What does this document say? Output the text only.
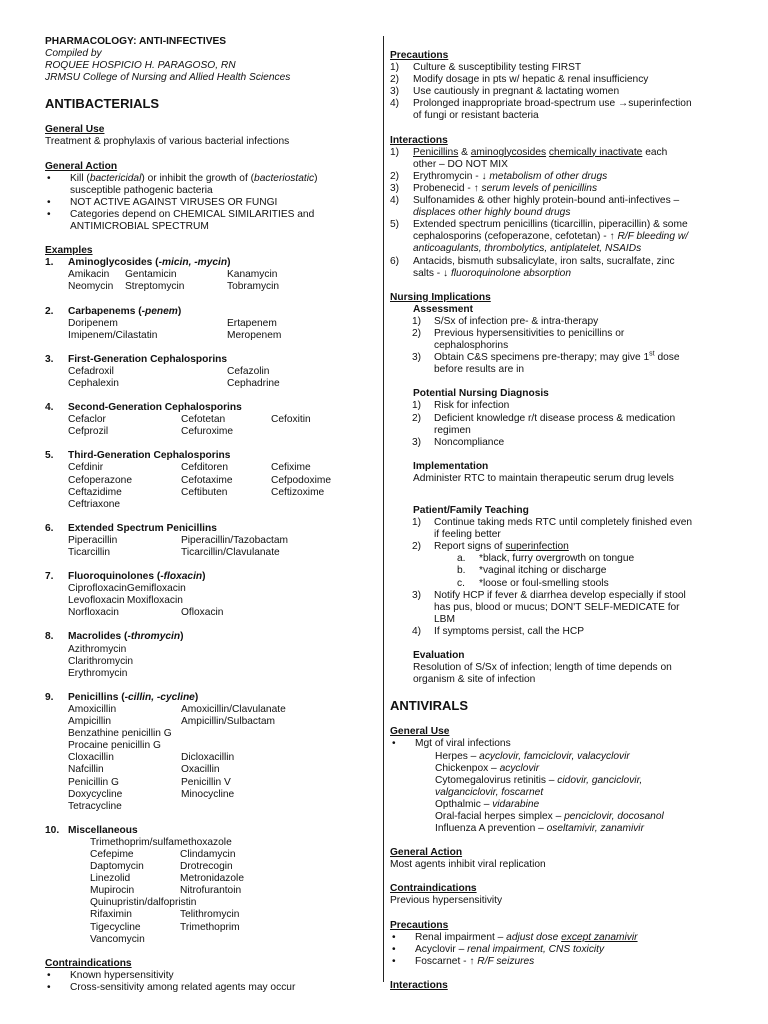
PHARMACOLOGY: ANTI-INFECTIVES
Compiled by
ROQUEE HOSPICIO H. PARAGOSO, RN
JRMSU College of Nursing and Allied Health Sciences
ANTIBACTERIALS
General Use
Treatment & prophylaxis of various bacterial infections
General Action
•	Kill (bactericidal) or inhibit the growth of (bacteriostatic)
susceptible pathogenic bacteria
•	NOT ACTIVE AGAINST VIRUSES OR FUNGI
•	Categories depend on CHEMICAL SIMILARITIES and
ANTIMICROBIAL SPECTRUM
Examples
1.	Aminoglycosides (-micin, -mycin)
Amikacin	Gentamicin	Kanamycin
Neomycin	Streptomycin	Tobramycin
2.	Carbapenems (-penem)
Doripenem	Ertapenem
Imipenem/Cilastatin	Meropenem
3.	First-Generation Cephalosporins
Cefadroxil	Cefazolin
Cephalexin	Cephadrine
4.	Second-Generation Cephalosporins
Cefaclor	Cefotetan	Cefoxitin
Cefprozil	Cefuroxime
5.	Third-Generation Cephalosporins
Cefdinir	Cefditoren	Cefixime
Cefoperazone	Cefotaxime	Cefpodoxime
Ceftazidime	Ceftibuten	Ceftizoxime
Ceftriaxone
6.	Extended Spectrum Penicillins
Piperacillin	Piperacillin/Tazobactam
Ticarcillin	Ticarcillin/Clavulanate
7.	Fluoroquinolones (-floxacin)
Ciprofloxacin Gemifloxacin
Levofloxacin Moxifloxacin
Norfloxacin	Ofloxacin
8.	Macrolides (-thromycin)
Azithromycin
Clarithromycin
Erythromycin
9.	Penicillins (-cillin, -cycline)
Amoxicillin	Amoxicillin/Clavulanate
Ampicillin	Ampicillin/Sulbactam
Benzathine penicillin G
Procaine penicillin G
Cloxacillin	Dicloxacillin
Nafcillin	Oxacillin
Penicillin G	Penicillin V
Doxycycline	Minocycline
Tetracycline
10. Miscellaneous
Trimethoprim/sulfamethoxazole
Cefepime	Clindamycin
Daptomycin	Drotrecogin
Linezolid	Metronidazole
Mupirocin	Nitrofurantoin
Quinupristin/dalfopristin
Rifaximin	Telithromycin
Tigecycline	Trimethoprim
Vancomycin
Contraindications
•	Known hypersensitivity
•	Cross-sensitivity among related agents may occur
Precautions
1)	Culture & susceptibility testing FIRST
2)	Modify dosage in pts w/ hepatic & renal insufficiency
3)	Use cautiously in pregnant & lactating women
4)	Prolonged inappropriate broad-spectrum use →superinfection
of fungi or resistant bacteria
Interactions
1)	Penicillins & aminoglycosides chemically inactivate each
other – DO NOT MIX
2)	Erythromycin - ↓ metabolism of other drugs
3)	Probenecid - ↑ serum levels of penicillins
4)	Sulfonamides & other highly protein-bound anti-infectives –
displaces other highly bound drugs
5)	Extended spectrum penicillins (ticarcillin, piperacillin) & some
cephalosporins (cefoperazone, cefotetan) - ↑ R/F bleeding w/
anticoagulants, thrombolytics, antiplatelet, NSAIDs
6)	Antacids, bismuth subsalicylate, iron salts, sucralfate, zinc
salts - ↓ fluoroquinolone absorption
Nursing Implications
Assessment
1)	S/Sx of infection pre- & intra-therapy
2)	Previous hypersensitivities to penicillins or
cephalosphorins
3)	Obtain C&S specimens pre-therapy; may give 1st dose
before results are in
Potential Nursing Diagnosis
1)	Risk for infection
2)	Deficient knowledge r/t disease process & medication
regimen
3)	Noncompliance
Implementation
Administer RTC to maintain therapeutic serum drug levels
Patient/Family Teaching
1)	Continue taking meds RTC until completely finished even
if feeling better
2)	Report signs of superinfection
a.	*black, furry overgrowth on tongue
b.	*vaginal itching or discharge
c.	*loose or foul-smelling stools
3)	Notify HCP if fever & diarrhea develop especially if stool
has pus, blood or mucus; DON'T SELF-MEDICATE for
LBM
4)	If symptoms persist, call the HCP
Evaluation
Resolution of S/Sx of infection; length of time depends on
organism & site of infection
ANTIVIRALS
General Use
•	Mgt of viral infections
Herpes – acyclovir, famciclovir, valacyclovir
Chickenpox – acyclovir
Cytomegalovirus retinitis – cidovir, ganciclovir,
valganciclovir, foscarnet
Opthalmic – vidarabine
Oral-facial herpes simplex – penciclovir, docosanol
Influenza A prevention – oseltamivir, zanamivir
General Action
Most agents inhibit viral replication
Contraindications
Previous hypersensitivity
Precautions
•	Renal impairment – adjust dose except zanamivir
•	Acyclovir – renal impairment, CNS toxicity
•	Foscarnet - ↑ R/F seizures
Interactions
